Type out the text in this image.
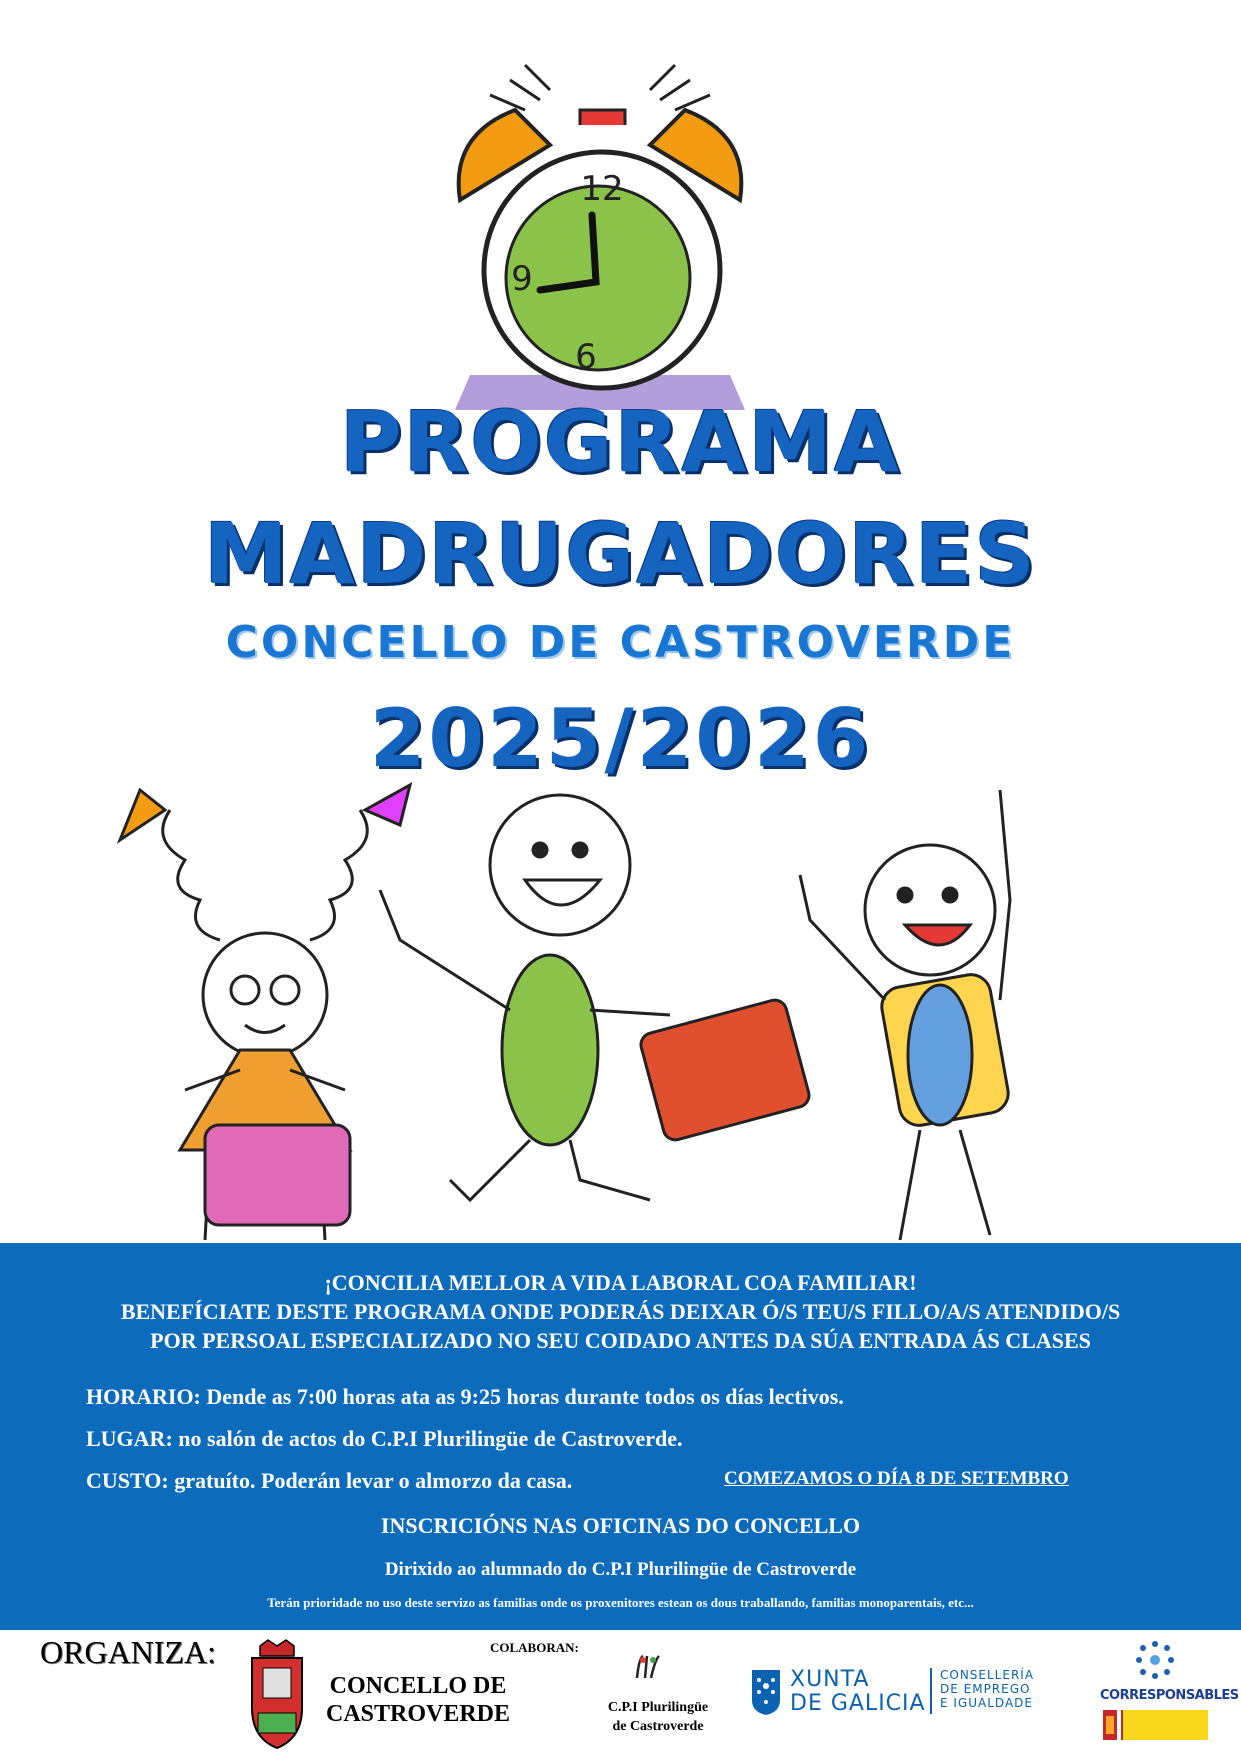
12
9
6
PROGRAMA
MADRUGADORES
CONCELLO DE CASTROVERDE
2025/2026
¡CONCILIA MELLOR A VIDA LABORAL COA FAMILIAR!
BENEFÍCIATE DESTE PROGRAMA ONDE PODERÁS DEIXAR Ó/S TEU/S FILLO/A/S ATENDIDO/S
POR PERSOAL ESPECIALIZADO NO SEU COIDADO ANTES DA SÚA ENTRADA ÁS CLASES
HORARIO: Dende as 7:00 horas ata as 9:25 horas durante todos os días lectivos.
LUGAR: no salón de actos do C.P.I Plurilingüe de Castroverde.
CUSTO: gratuíto. Poderán levar o almorzo da casa.	COMEZAMOS O DÍA 8 DE SETEMBRO
INSCRICIÓNS NAS OFICINAS DO CONCELLO
Dirixido ao alumnado do C.P.I Plurilingüe de Castroverde
Terán prioridade no uso deste servizo as familias onde os proxenitores estean os dous traballando, familias monoparentais, etc...
ORGANIZA:	COLABORAN:
CONCELLO DE
CASTROVERDE	C.P.I Plurilingüe
de Castroverde
XUNTA
DE GALICIA
CONSELLERÍA
DE EMPREGO
E IGUALDADE	CORRESPONSABLES
